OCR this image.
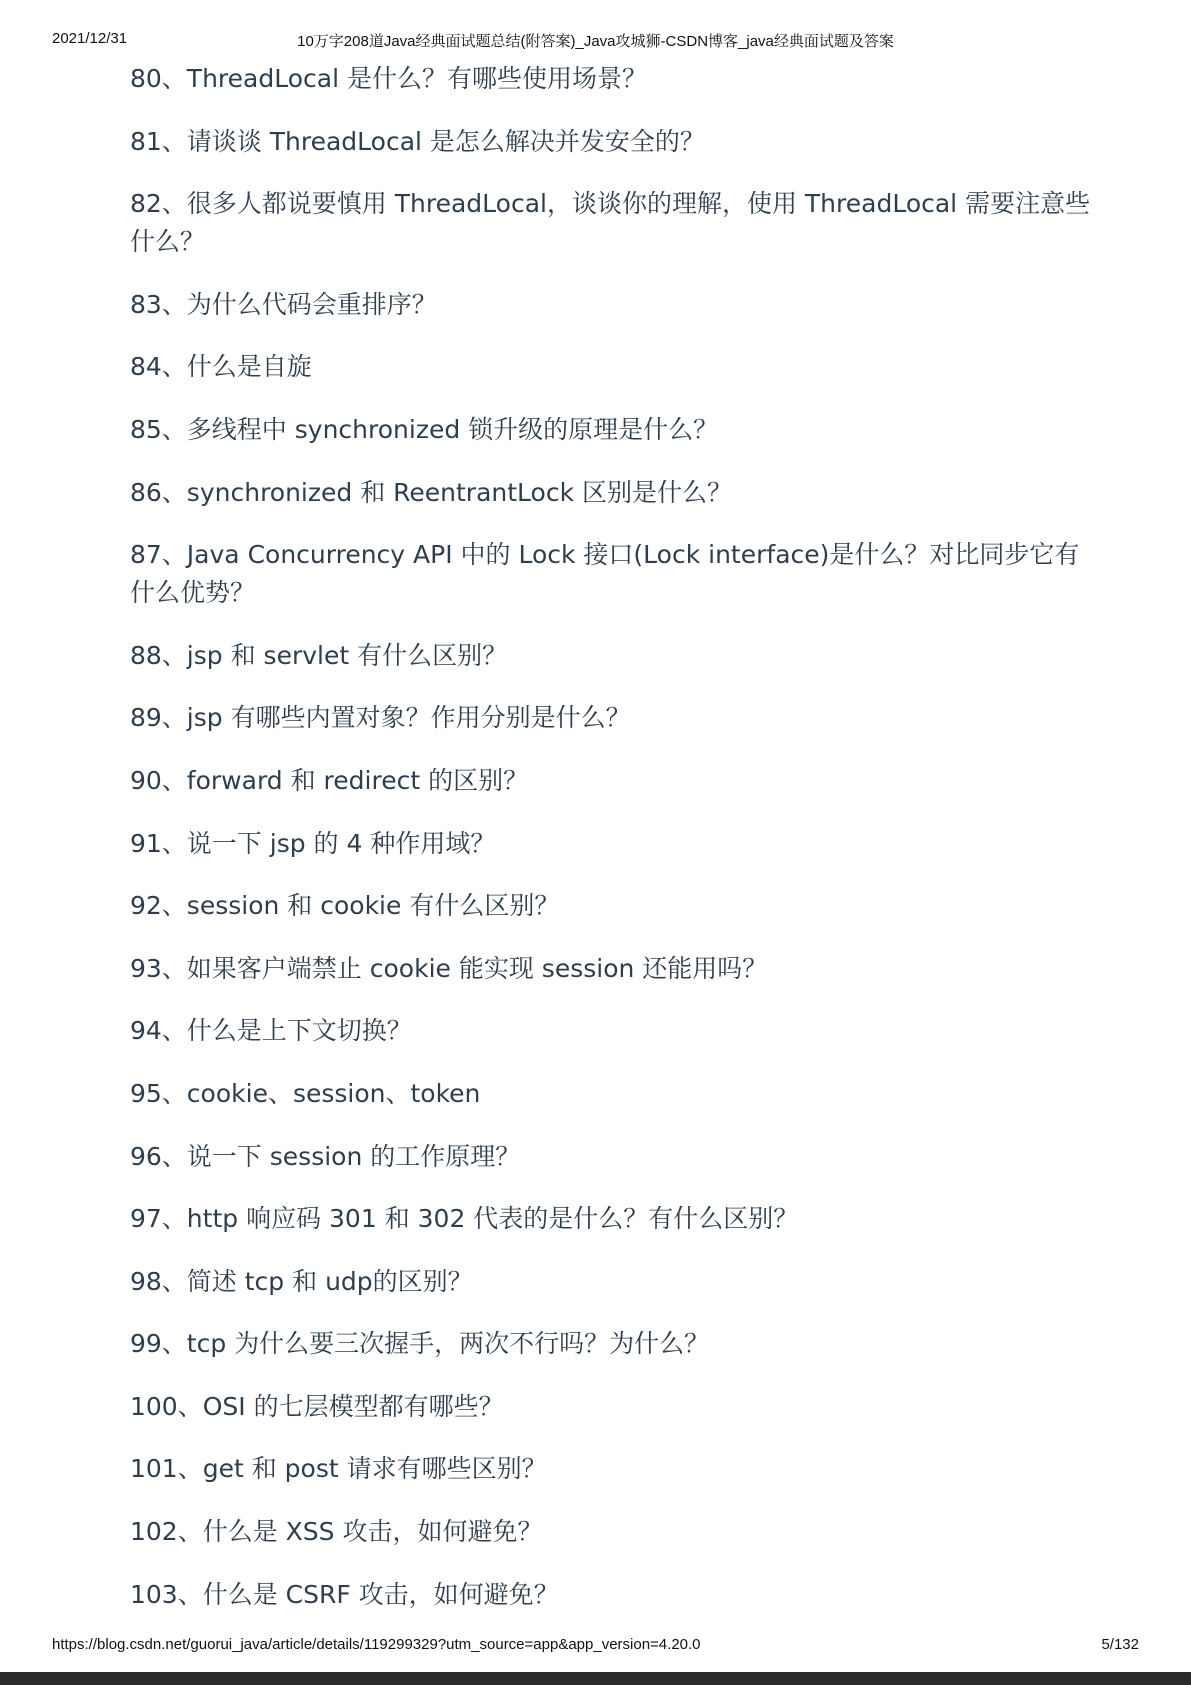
2021/12/31	10万字208道Java经典面试题总结(附答案)_Java攻城狮-CSDN博客_java经典面试题及答案

80、ThreadLocal 是什么？有哪些使用场景？

81、请谈谈 ThreadLocal 是怎么解决并发安全的？

82、很多人都说要慎用 ThreadLocal，谈谈你的理解，使用 ThreadLocal 需要注意些什么？

83、为什么代码会重排序？

84、什么是自旋

85、多线程中 synchronized 锁升级的原理是什么？

86、synchronized 和 ReentrantLock 区别是什么？

87、Java Concurrency API 中的 Lock 接口(Lock interface)是什么？对比同步它有什么优势？

88、jsp 和 servlet 有什么区别？

89、jsp 有哪些内置对象？作用分别是什么？

90、forward 和 redirect 的区别？

91、说一下 jsp 的 4 种作用域？

92、session 和 cookie 有什么区别？

93、如果客户端禁止 cookie 能实现 session 还能用吗？

94、什么是上下文切换？

95、cookie、session、token

96、说一下 session 的工作原理？

97、http 响应码 301 和 302 代表的是什么？有什么区别？

98、简述 tcp 和 udp的区别？

99、tcp 为什么要三次握手，两次不行吗？为什么？

100、OSI 的七层模型都有哪些？

101、get 和 post 请求有哪些区别？

102、什么是 XSS 攻击，如何避免？

103、什么是 CSRF 攻击，如何避免？

https://blog.csdn.net/guorui_java/article/details/119299329?utm_source=app&app_version=4.20.0	5/132
